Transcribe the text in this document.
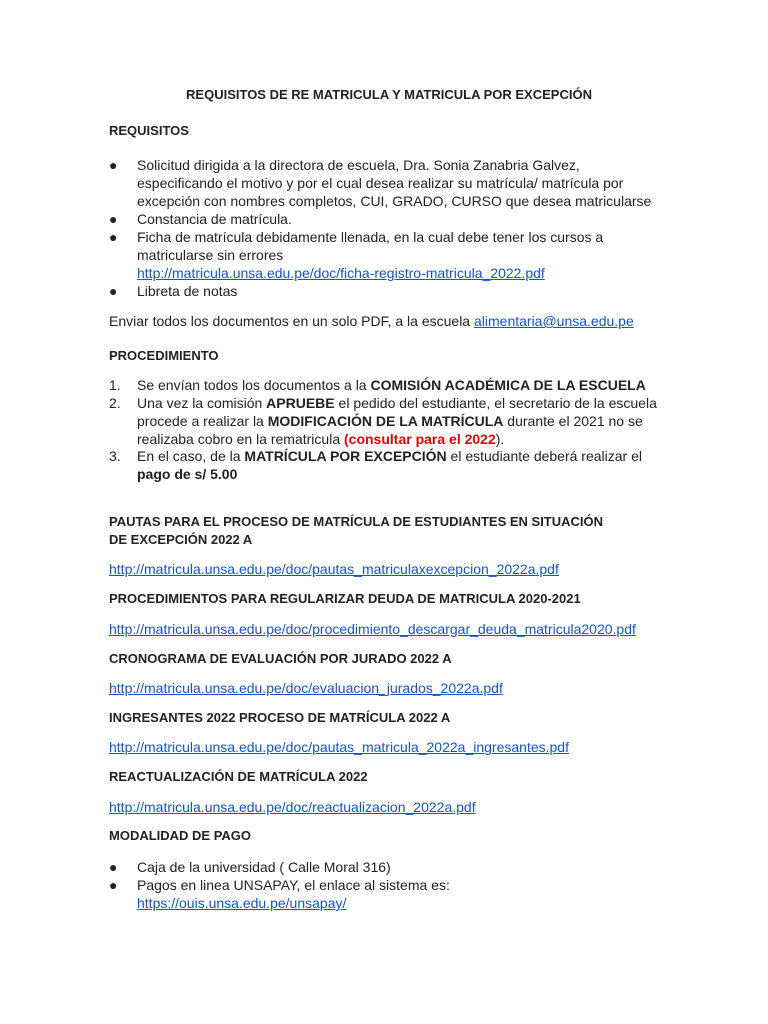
REQUISITOS DE RE MATRICULA Y MATRICULA POR EXCEPCIÓN
REQUISITOS
● Solicitud dirigida a la directora de escuela, Dra. Sonia Zanabria Galvez,
especificando el motivo y por el cual desea realizar su matrícula/ matrícula por
excepción con nombres completos, CUI, GRADO, CURSO que desea matricularse
● Constancia de matrícula.
● Ficha de matrícula debidamente llenada, en la cual debe tener los cursos a
matricularse sin errores
http://matricula.unsa.edu.pe/doc/ficha-registro-matricula_2022.pdf
● Libreta de notas
Enviar todos los documentos en un solo PDF, a la escuela alimentaria@unsa.edu.pe
PROCEDIMIENTO
1. Se envían todos los documentos a la COMISIÓN ACADÉMICA DE LA ESCUELA
2. Una vez la comisión APRUEBE el pedido del estudiante, el secretario de la escuela
procede a realizar la MODIFICACIÓN DE LA MATRÍCULA durante el 2021 no se
realizaba cobro en la rematricula (consultar para el 2022).
3. En el caso, de la MATRÍCULA POR EXCEPCIÓN el estudiante deberá realizar el
pago de s/ 5.00
PAUTAS PARA EL PROCESO DE MATRÍCULA DE ESTUDIANTES EN SITUACIÓN
DE EXCEPCIÓN 2022 A
http://matricula.unsa.edu.pe/doc/pautas_matriculaxexcepcion_2022a.pdf
PROCEDIMIENTOS PARA REGULARIZAR DEUDA DE MATRICULA 2020-2021
http://matricula.unsa.edu.pe/doc/procedimiento_descargar_deuda_matricula2020.pdf
CRONOGRAMA DE EVALUACIÓN POR JURADO 2022 A
http://matricula.unsa.edu.pe/doc/evaluacion_jurados_2022a.pdf
INGRESANTES 2022 PROCESO DE MATRÍCULA 2022 A
http://matricula.unsa.edu.pe/doc/pautas_matricula_2022a_ingresantes.pdf
REACTUALIZACIÓN DE MATRÍCULA 2022
http://matricula.unsa.edu.pe/doc/reactualizacion_2022a.pdf
MODALIDAD DE PAGO
● Caja de la universidad ( Calle Moral 316)
● Pagos en linea UNSAPAY, el enlace al sistema es:
https://ouis.unsa.edu.pe/unsapay/
